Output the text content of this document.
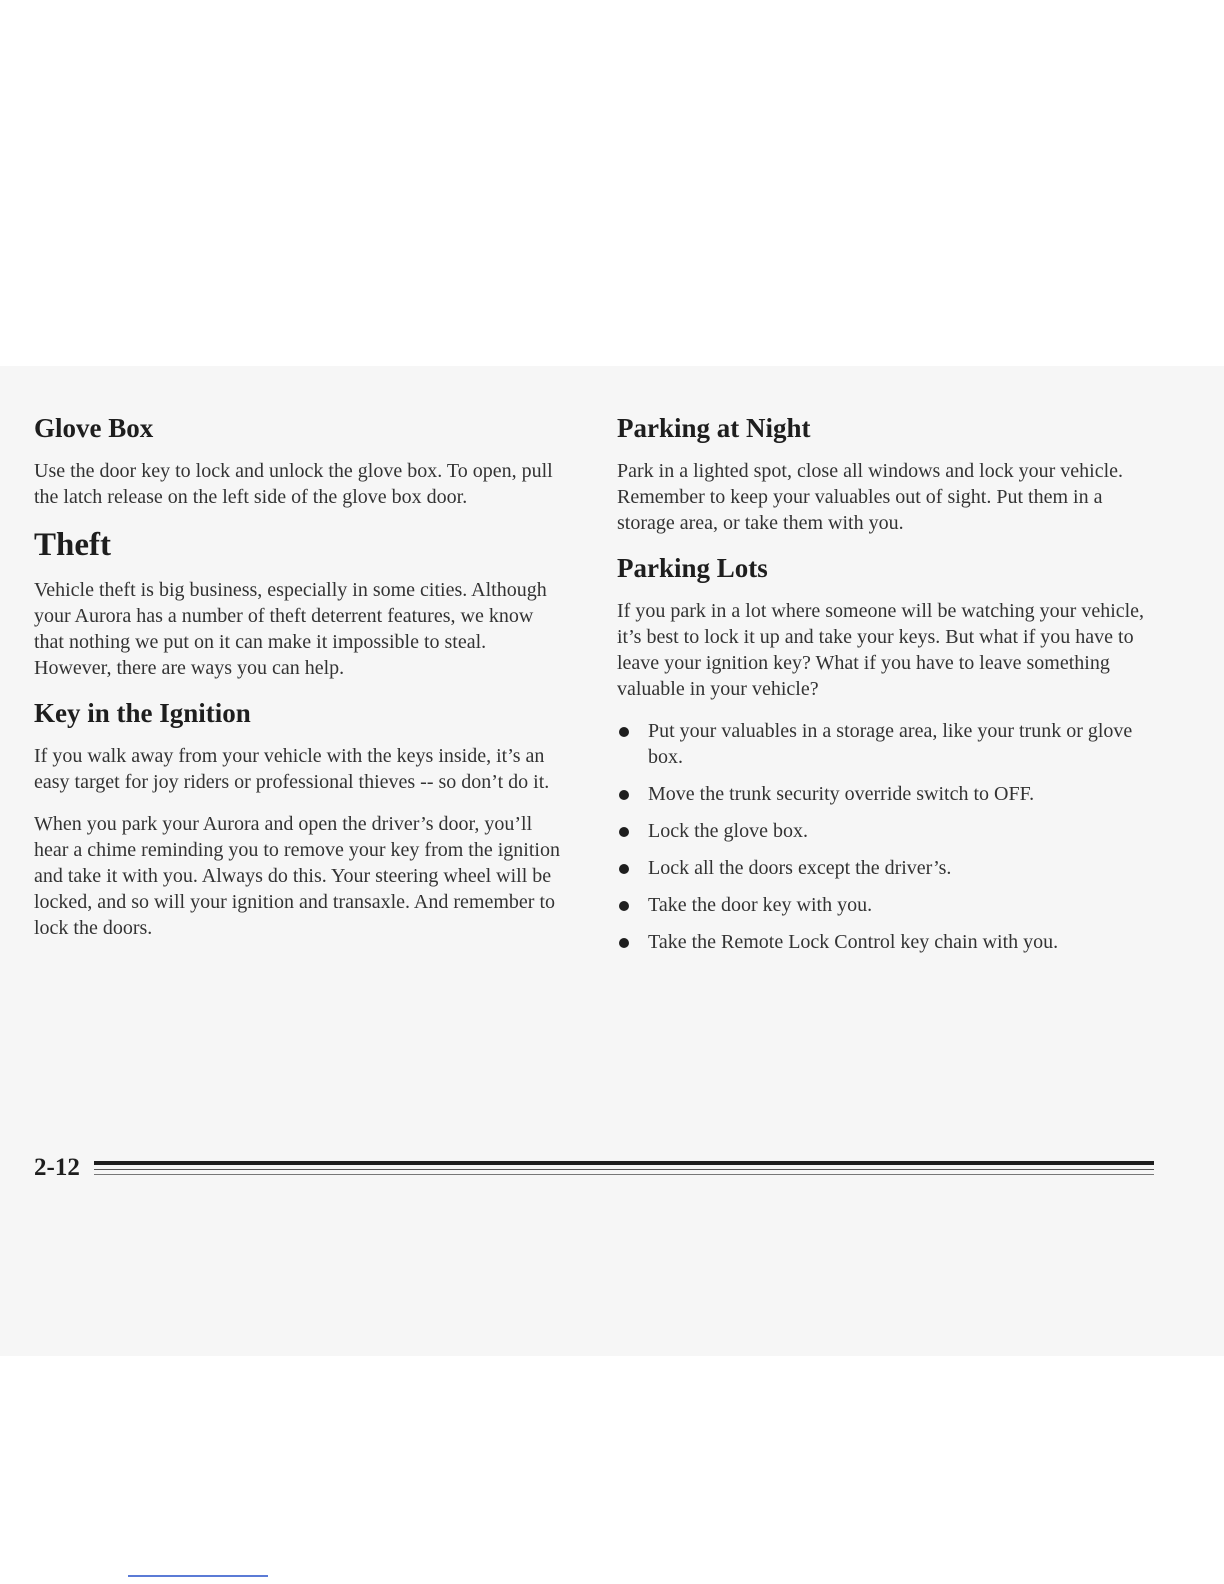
Glove Box

Use the door key to lock and unlock the glove box. To open, pull the latch release on the left side of the glove box door.

Theft

Vehicle theft is big business, especially in some cities. Although your Aurora has a number of theft deterrent features, we know that nothing we put on it can make it impossible to steal. However, there are ways you can help.

Key in the Ignition

If you walk away from your vehicle with the keys inside, it’s an easy target for joy riders or professional thieves -- so don’t do it.

When you park your Aurora and open the driver’s door, you’ll hear a chime reminding you to remove your key from the ignition and take it with you. Always do this. Your steering wheel will be locked, and so will your ignition and transaxle. And remember to lock the doors.

Parking at Night

Park in a lighted spot, close all windows and lock your vehicle. Remember to keep your valuables out of sight. Put them in a storage area, or take them with you.

Parking Lots

If you park in a lot where someone will be watching your vehicle, it’s best to lock it up and take your keys. But what if you have to leave your ignition key? What if you have to leave something valuable in your vehicle?

Put your valuables in a storage area, like your trunk or glove box.
Move the trunk security override switch to OFF.
Lock the glove box.
Lock all the doors except the driver’s.
Take the door key with you.
Take the Remote Lock Control key chain with you.
2-12
